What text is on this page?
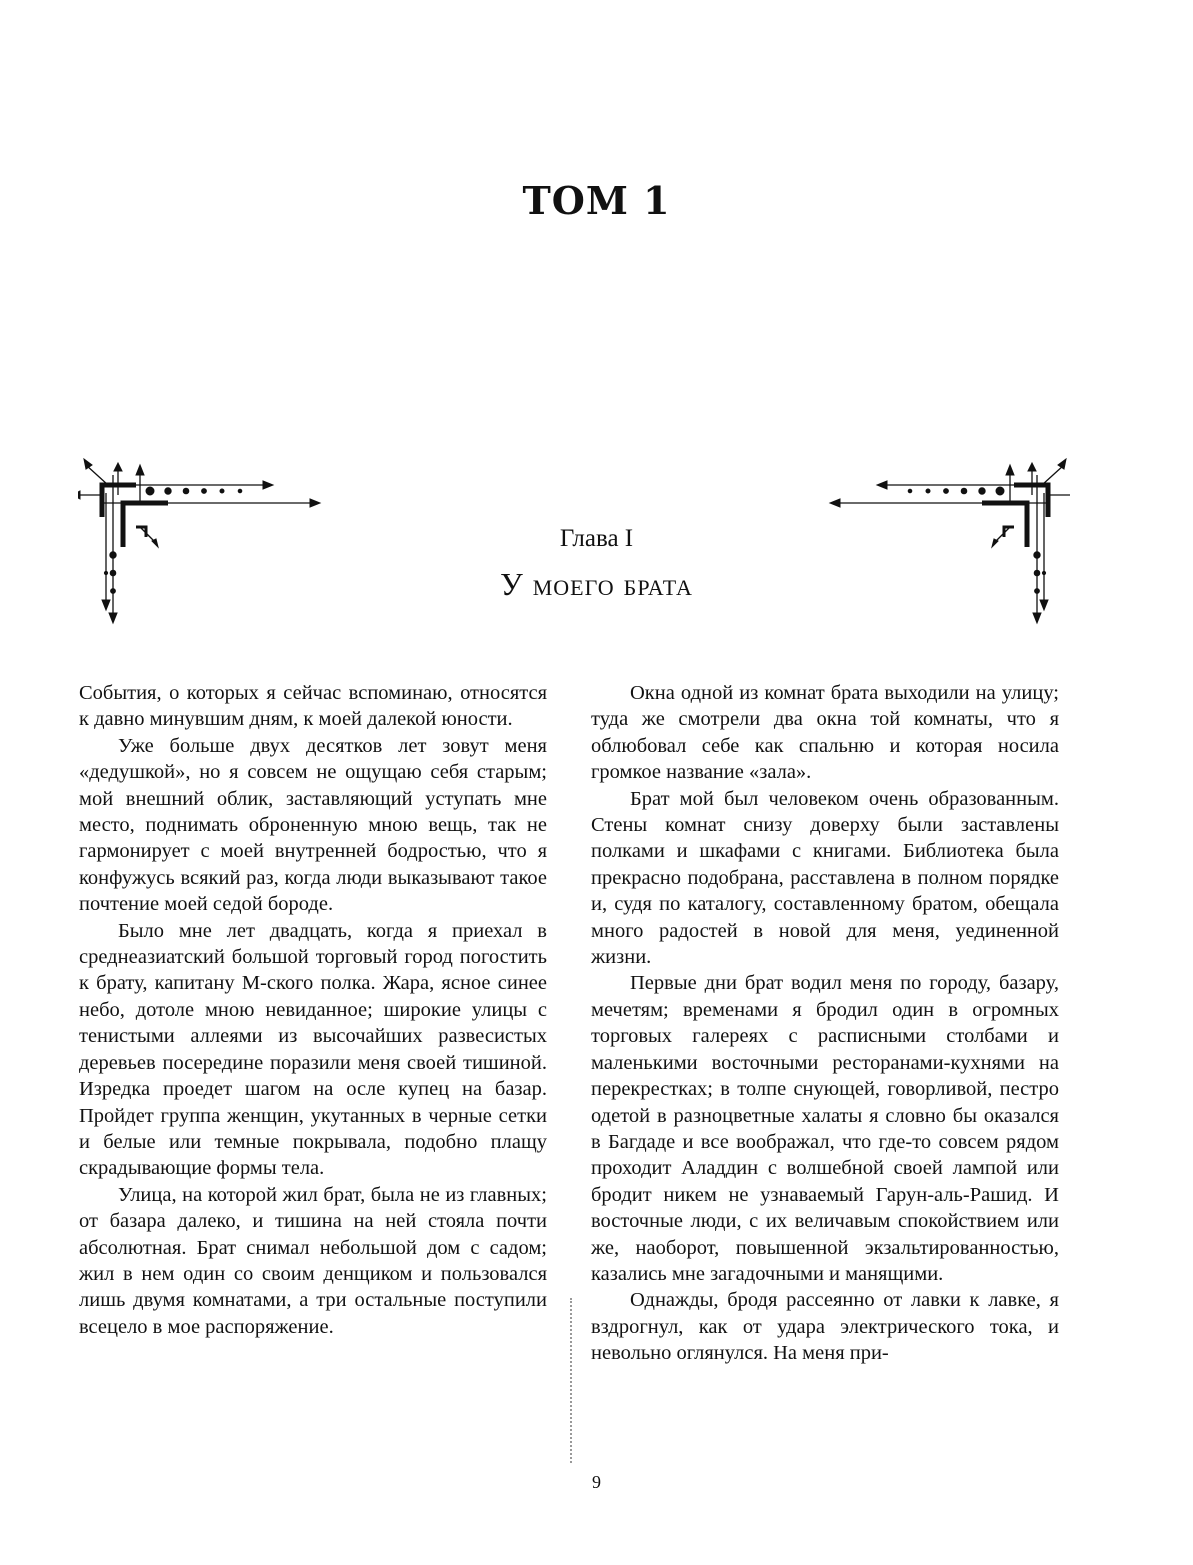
ТОМ 1
Глава I
У моего брата

События, о которых я сейчас вспоминаю, относятся к давно минувшим дням, к моей далекой юности.

Уже больше двух десятков лет зовут меня «дедушкой», но я совсем не ощущаю себя старым; мой внешний облик, заставляющий уступать мне место, поднимать оброненную мною вещь, так не гармонирует с моей внутренней бодростью, что я конфужусь всякий раз, когда люди выказывают такое почтение моей седой бороде.

Было мне лет двадцать, когда я приехал в среднеазиатский большой торговый город погостить к брату, капитану М-ского полка. Жара, ясное синее небо, дотоле мною невиданное; широкие улицы с тенистыми аллеями из высочайших развесистых деревьев посередине поразили меня своей тишиной. Изредка проедет шагом на осле купец на базар. Пройдет группа женщин, укутанных в черные сетки и белые или темные покрывала, подобно плащу скрадывающие формы тела.

Улица, на которой жил брат, была не из главных; от базара далеко, и тишина на ней стояла почти абсолютная. Брат снимал небольшой дом с садом; жил в нем один со своим денщиком и пользовался лишь двумя комнатами, а три остальные поступили всецело в мое распоряжение.

Окна одной из комнат брата выходили на улицу; туда же смотрели два окна той комнаты, что я облюбовал себе как спальню и которая носила громкое название «зала».

Брат мой был человеком очень образованным. Стены комнат снизу доверху были заставлены полками и шкафами с книгами. Библиотека была прекрасно подобрана, расставлена в полном порядке и, судя по каталогу, составленному братом, обещала много радостей в новой для меня, уединенной жизни.

Первые дни брат водил меня по городу, базару, мечетям; временами я бродил один в огромных торговых галереях с расписными столбами и маленькими восточными ресторанами-кухнями на перекрестках; в толпе снующей, говорливой, пестро одетой в разноцветные халаты я словно бы оказался в Багдаде и все воображал, что где-то совсем рядом проходит Аладдин с волшебной своей лампой или бродит никем не узнаваемый Гарун-аль-Рашид. И восточные люди, с их величавым спокойствием или же, наоборот, повышенной экзальтированностью, казались мне загадочными и манящими.

Однажды, бродя рассеянно от лавки к лавке, я вздрогнул, как от удара электрического тока, и невольно оглянулся. На меня при-

9
